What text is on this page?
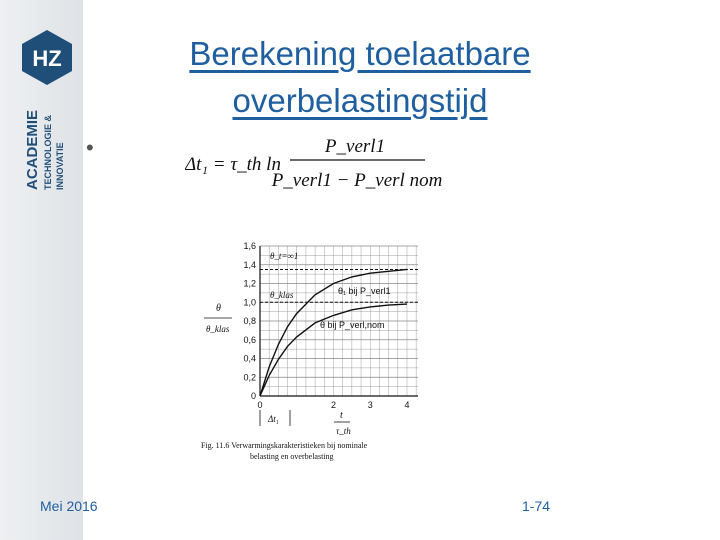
HZ
ACADEMIE TECHNOLOGIE & INNOVATIE
Berekening toelaatbare
overbelastingstijd
•
Δt₁ = τ_th ln
P_verl1
P_verl1 − P_verl nom
1,6
1,4
1,2
1,0
0,8
0,6
0,4
0,2
0
0	2	3	4
θ_t=∞1
θ_klas	θ₁ bij P_verl1
θ bij P_verl,nom
θ
θ_klas
t
τ_th
Δt₁
Fig. 11.6 Verwarmingskarakteristieken bij nominale
belasting en overbelasting
Mei 2016	1-74
